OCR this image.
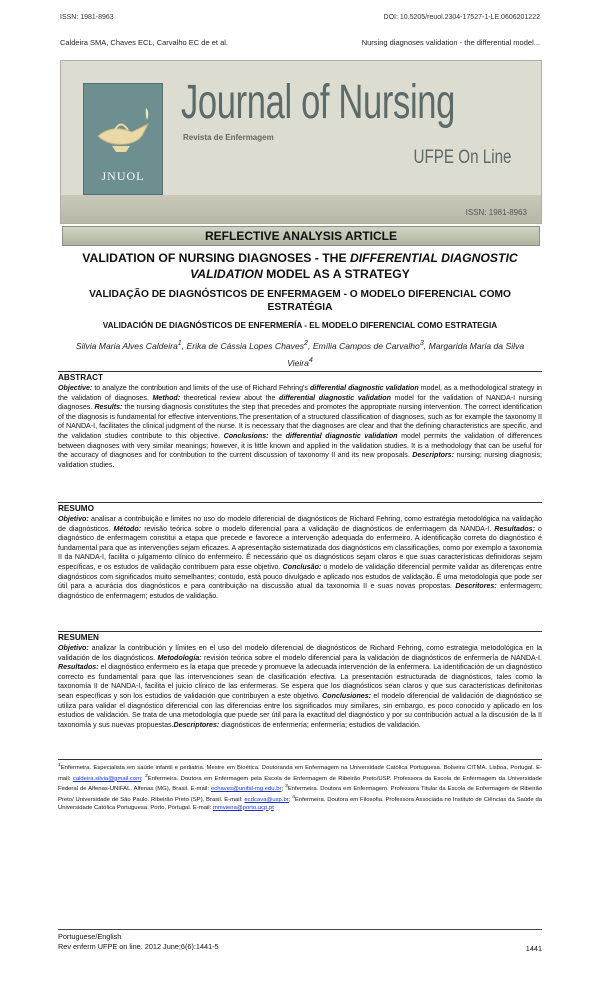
ISSN: 1981-8963	DOI: 10.5205/reuol.2304-17527-1-LE.0606201222
Caldeira SMA, Chaves ECL, Carvalho EC de et al.	Nursing diagnoses validation - the differential model...
JNUOL
Journal of Nursing
Revista de Enfermagem
UFPE On Line
ISSN: 1981-8963
REFLECTIVE ANALYSIS ARTICLE
VALIDATION OF NURSING DIAGNOSES - THE DIFFERENTIAL DIAGNOSTIC VALIDATION MODEL AS A STRATEGY
VALIDAÇÃO DE DIAGNÓSTICOS DE ENFERMAGEM - O MODELO DIFERENCIAL COMO ESTRATÉGIA
VALIDACIÓN DE DIAGNÓSTICOS DE ENFERMERÍA - EL MODELO DIFERENCIAL COMO ESTRATEGIA
Silvia Maria Alves Caldeira$^1$, Erika de Cássia Lopes Chaves$^2$, Emília Campos de Carvalho$^3$, Margarida Maria da Silva Vieira$^4$
ABSTRACT
Objective: to analyze the contribution and limits of the use of Richard Fehring's differential diagnostic validation model, as a methodological strategy in the validation of diagnoses. Method: theoretical review about the differential diagnostic validation model for the validation of NANDA-I nursing diagnoses. Results: the nursing diagnosis constitutes the step that precedes and promotes the appropriate nursing intervention. The correct identification of the diagnosis is fundamental for effective interventions.The presentation of a structured classification of diagnoses, such as for example the taxonomy II of NANDA-I, facilitates the clinical judgment of the nurse. It is necessary that the diagnoses are clear and that the defining characteristics are specific, and the validation studies contribute to this objective. Conclusions: the differential diagnostic validation model permits the validation of differences between diagnoses with very similar meanings; however, it is little known and applied in the validation studies. It is a methodology that can be useful for the accuracy of diagnoses and for contribution to the current discussion of taxonomy II and its new proposals. Descriptors: nursing; nursing diagnosis; validation studies.
RESUMO
Objetivo: analisar a contribuição e limites no uso do modelo diferencial de diagnósticos de Richard Fehring, como estratégia metodológica na validação de diagnósticos. Método: revisão teórica sobre o modelo diferencial para a validação de diagnósticos de enfermagem da NANDA-I. Resultados: o diagnóstico de enfermagem constitui a etapa que precede e favorece a intervenção adequada do enfermeiro. A identificação correta do diagnóstico é fundamental para que as intervenções sejam eficazes. A apresentação sistematizada dos diagnósticos em classificações, como por exemplo a taxonomia II da NANDA-I, facilita o julgamento clínico do enfermeiro. É necessário que os diagnósticos sejam claros e que suas características definidoras sejam específicas, e os estudos de validação contribuem para esse objetivo. Conclusão: o modelo de validação diferencial permite validar as diferenças entre diagnósticos com significados muito semelhantes; contudo, está pouco divulgado e aplicado nos estudos de validação. É uma metodologia que pode ser útil para a acurácia dos diagnósticos e para contribuição na discussão atual da taxonomia II e suas novas propostas. Descritores: enfermagem; diagnóstico de enfermagem; estudos de validação.
RESUMEN
Objetivo: analizar la contribución y límites en el uso del modelo diferencial de diagnósticos de Richard Fehring, como estrategia metodológica en la validación de los diagnósticos. Metodología: revisión teórica sobre el modelo diferencial para la validación de diagnósticos de enfermería de NANDA-I. Resultados: el diagnóstico enfermero es la etapa que precede y promueve la adecuada intervención de la enfermera. La identificación de un diagnóstico correcto es fundamental para que las intervenciones sean de clasificación efectiva. La presentación estructurada de diagnósticos, tales como la taxonomía II de NANDA-I, facilita el juicio clínico de las enfermeras. Se espera que los diagnósticos sean claros y que sus características definitorias sean específicas y son los estudios de validación que contribuyen a este objetivo. Conclusiones: el modelo diferencial de validación de diagnóstico se utiliza para validar el diagnóstico diferencial con las diferencias entre los significados muy similares, sin embargo, es poco conocido y aplicado en los estudios de validación. Se trata de una metodología que puede ser útil para la exactitud del diagnóstico y por su contribución actual a la discusión de la II taxonomía y sus nuevas propuestas.Descriptores: diagnósticos de enfermería; enfermería; estudios de validación.
$^1$Enfermeira. Especialista em saúde infantil e pediatria. Mestre em Bioética. Doutoranda em Enfermagem na Universidade Católica Portuguesa. Bolseira CITMA. Lisboa, Portugal. E-mail: caldeira.silvia@gmail.com; $^2$Enfermeira. Doutora em Enfermagem pela Escola de Enfermagem de Ribeirão Preto/USP. Professora da Escola de Enfermagem da Universidade Federal de Alfenas-UNIFAL. Alfenas (MG), Brasil. E-mail: echaves@unifal-mg.edu.br; $^3$Enfermeira. Doutora em Enfermagem. Professora Titular da Escola de Enfermagem de Ribeirão Preto/ Universidade de São Paulo. Ribeirão Preto (SP), Brasil. E-mail: ecdcava@usp.br; $^4$Enfermeira. Doutora em Filosofia. Professora Associada no Instituto de Ciências da Saúde da Universidade Católica Portuguesa. Porto, Portugal. E-mail: mmvieira@porto.ucp.pt
Portuguese/English
Rev enferm UFPE on line. 2012 June;6(6):1441-5	1441
